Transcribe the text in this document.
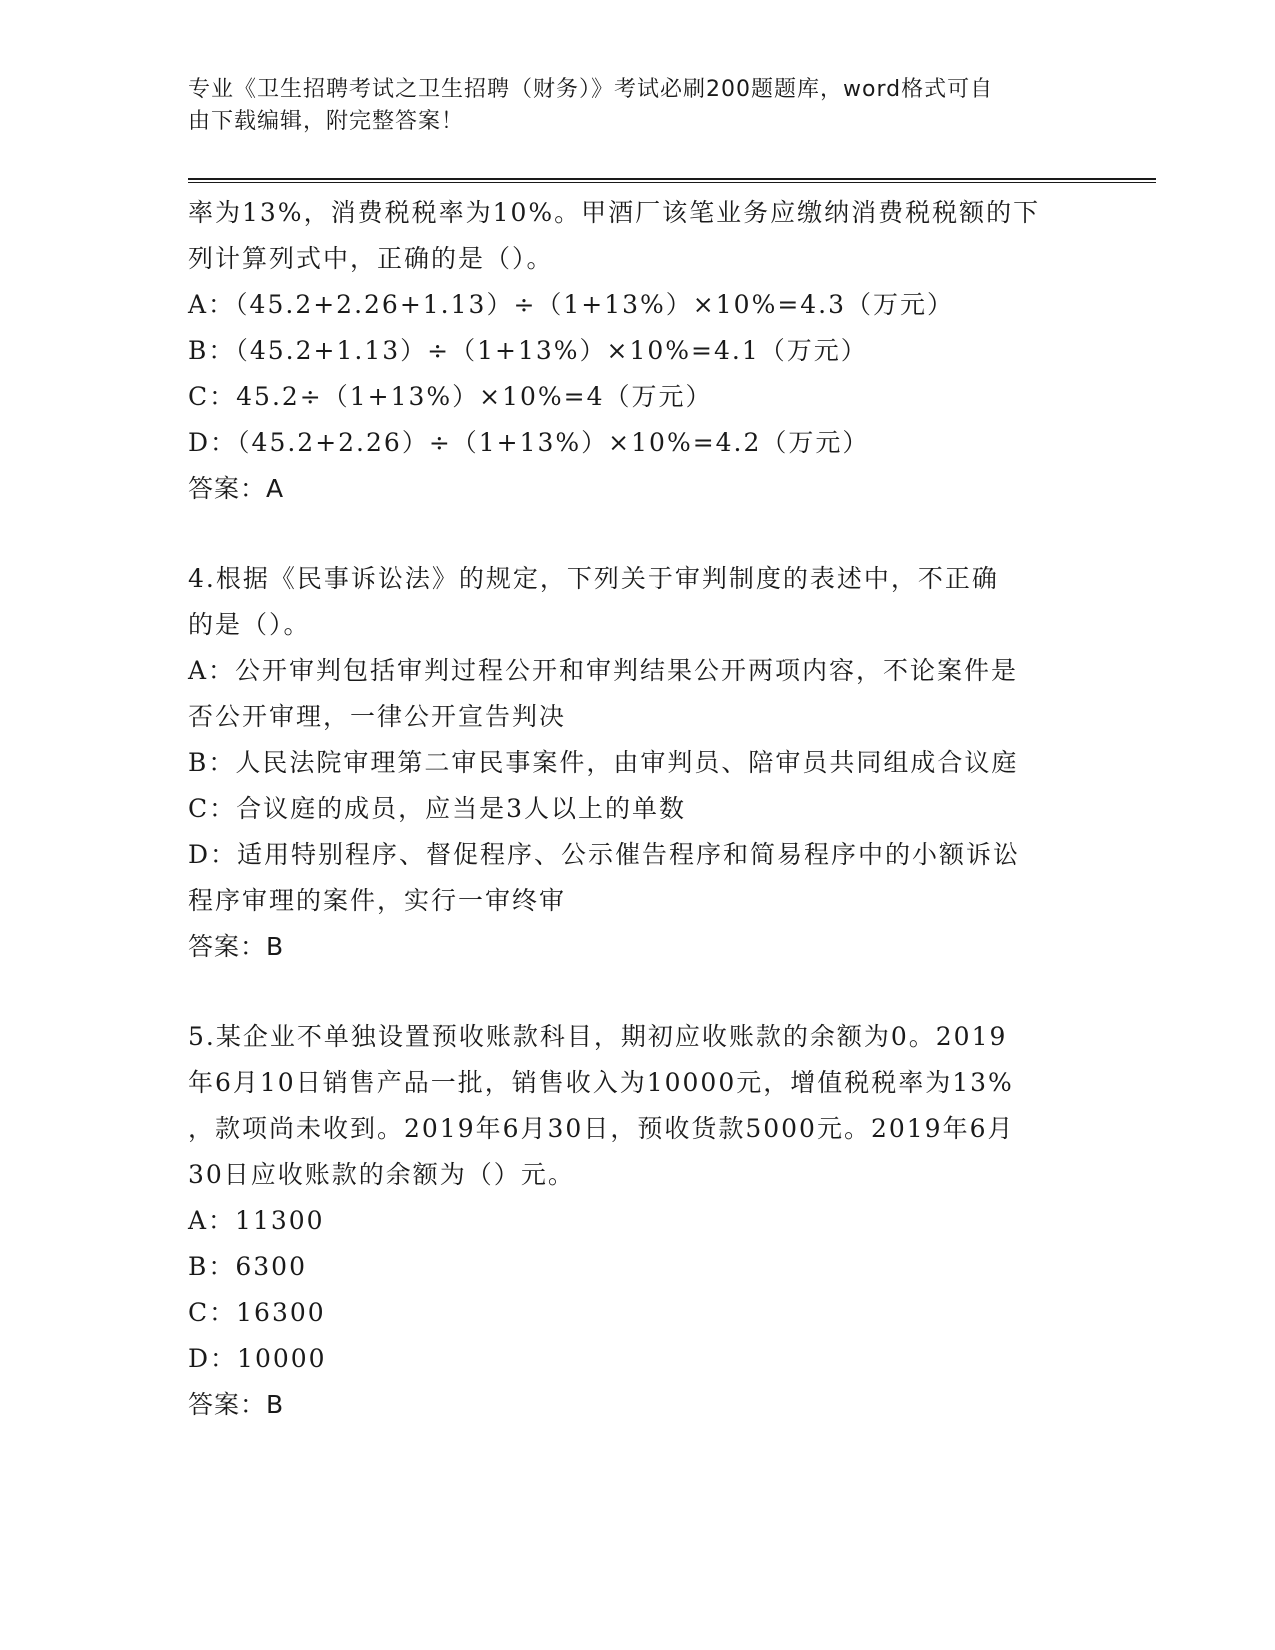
专业《卫生招聘考试之卫生招聘（财务）》考试必刷200题题库，word格式可自
由下载编辑，附完整答案！

率为13%，消费税税率为10%。甲酒厂该笔业务应缴纳消费税税额的下

列计算列式中，正确的是（）。

A：（45.2+2.26+1.13）÷（1+13%）×10%=4.3（万元）

B：（45.2+1.13）÷（1+13%）×10%=4.1（万元）

C：45.2÷（1+13%）×10%=4（万元）

D：（45.2+2.26）÷（1+13%）×10%=4.2（万元）

答案：A

4.根据《民事诉讼法》的规定，下列关于审判制度的表述中，不正确

的是（）。

A：公开审判包括审判过程公开和审判结果公开两项内容，不论案件是

否公开审理，一律公开宣告判决

B：人民法院审理第二审民事案件，由审判员、陪审员共同组成合议庭

C：合议庭的成员，应当是3人以上的单数

D：适用特别程序、督促程序、公示催告程序和简易程序中的小额诉讼

程序审理的案件，实行一审终审

答案：B

5.某企业不单独设置预收账款科目，期初应收账款的余额为0。2019

年6月10日销售产品一批，销售收入为10000元，增值税税率为13%

，款项尚未收到。2019年6月30日，预收货款5000元。2019年6月

30日应收账款的余额为（）元。

A：11300

B：6300

C：16300

D：10000

答案：B
